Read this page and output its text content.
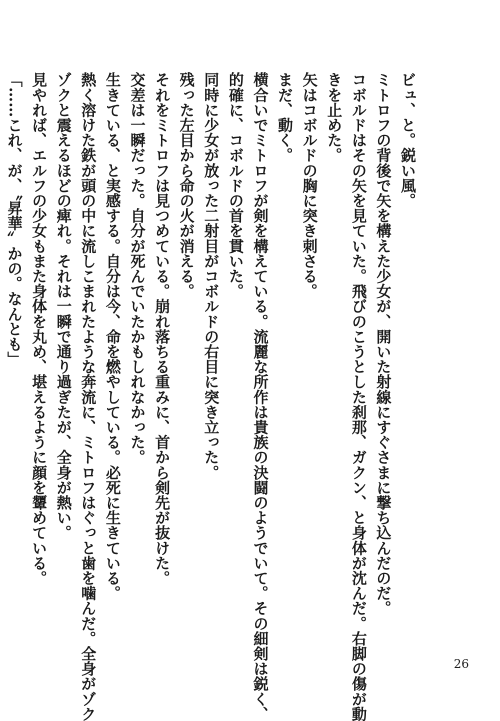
ビュ、と。鋭い風。
ミトロフの背後で矢を構えた少女が、開いた射線にすぐさまに撃ち込んだのだ。
コボルドはその矢を見ていた。飛びのこうとした刹那、ガクン、と身体が沈んだ。右脚の傷が動
きを止めた。
矢はコボルドの胸に突き刺さる。
まだ、動く。
横合いでミトロフが剣を構えている。流麗な所作は貴族の決闘のようでいて。その細剣は鋭く、
的確に、コボルドの首を貫いた。
同時に少女が放った二射目がコボルドの右目に突き立った。
残った左目から命の火が消える。
それをミトロフは見つめている。崩れ落ちる重みに、首から剣先が抜けた。
交差は一瞬だった。自分が死んでいたかもしれなかった。
生きている、と実感する。自分は今、命を燃やしている。必死に生きている。
熱く溶けた鉄が頭の中に流しこまれたような奔流に、ミトロフはぐっと歯を噛んだ。全身がゾク
ゾクと震えるほどの痺れ。それは一瞬で通り過ぎたが、全身が熱い。
見やれば、エルフの少女もまた身体を丸め、堪えるように顔を顰めている。
「……これ、が、〝昇華〟かの。なんとも」
26
